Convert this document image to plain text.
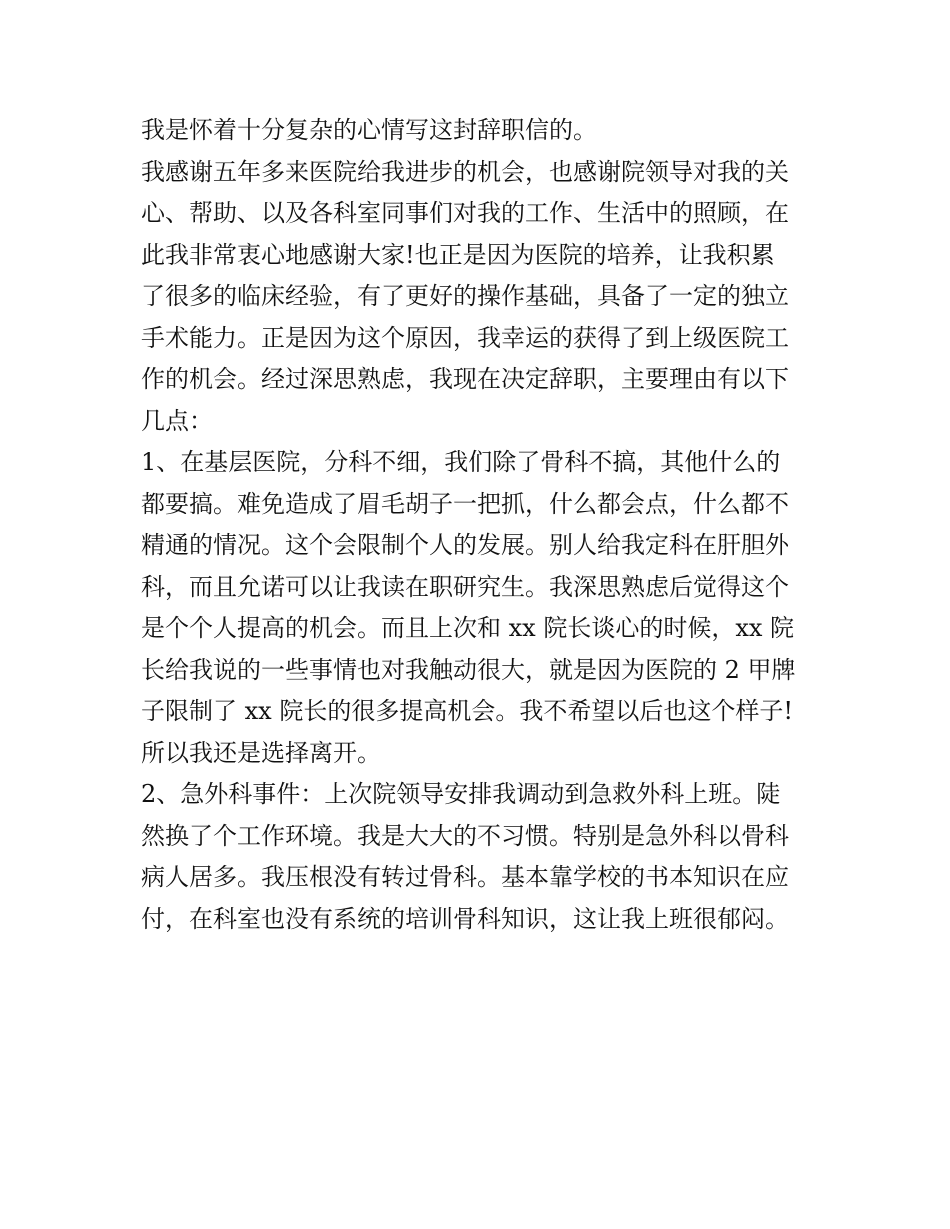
我是怀着十分复杂的心情写这封辞职信的。
我感谢五年多来医院给我进步的机会，也感谢院领导对我的关
心、帮助、以及各科室同事们对我的工作、生活中的照顾，在
此我非常衷心地感谢大家!也正是因为医院的培养，让我积累
了很多的临床经验，有了更好的操作基础，具备了一定的独立
手术能力。正是因为这个原因，我幸运的获得了到上级医院工
作的机会。经过深思熟虑，我现在决定辞职，主要理由有以下
几点：
1、在基层医院，分科不细，我们除了骨科不搞，其他什么的
都要搞。难免造成了眉毛胡子一把抓，什么都会点，什么都不
精通的情况。这个会限制个人的发展。别人给我定科在肝胆外
科，而且允诺可以让我读在职研究生。我深思熟虑后觉得这个
是个个人提高的机会。而且上次和 xx 院长谈心的时候，xx 院
长给我说的一些事情也对我触动很大，就是因为医院的 2 甲牌
子限制了 xx 院长的很多提高机会。我不希望以后也这个样子!
所以我还是选择离开。
2、急外科事件：上次院领导安排我调动到急救外科上班。陡
然换了个工作环境。我是大大的不习惯。特别是急外科以骨科
病人居多。我压根没有转过骨科。基本靠学校的书本知识在应
付，在科室也没有系统的培训骨科知识，这让我上班很郁闷。
